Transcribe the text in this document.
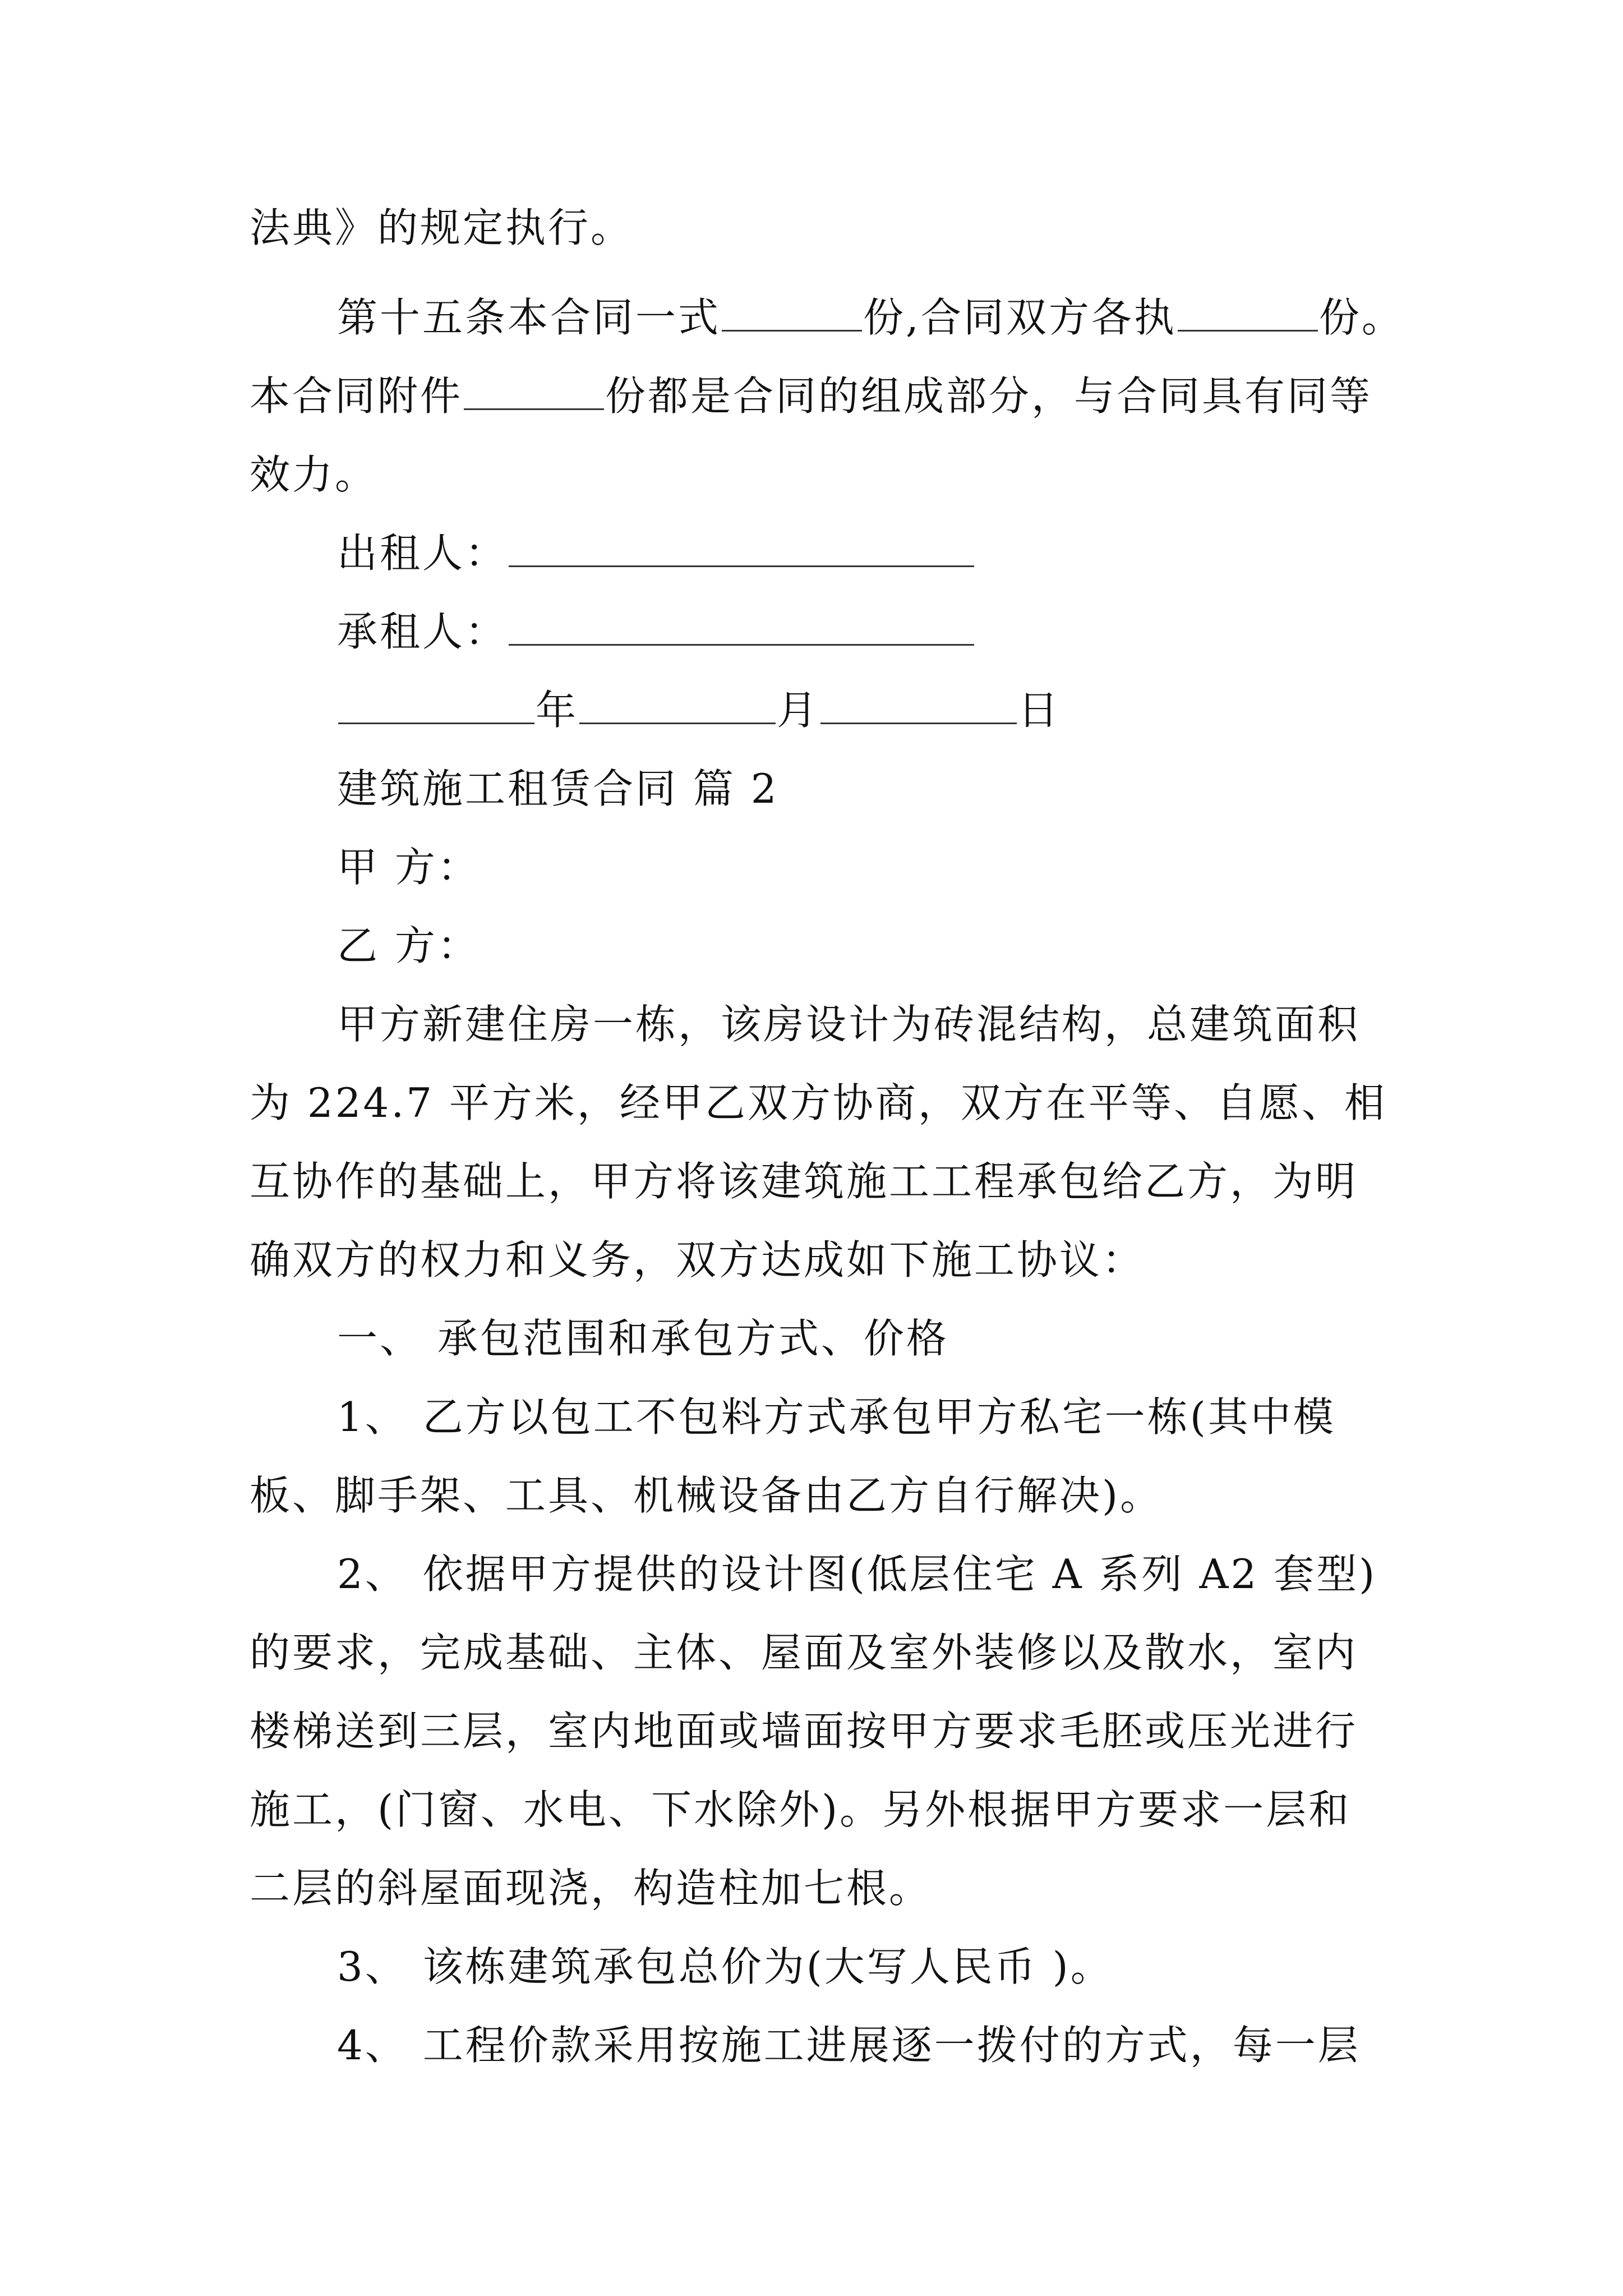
法典》的规定执行。
第十五条本合同一式	份,合同双方各执	份。
本合同附件	份都是合同的组成部分，与合同具有同等
效力。
出租人：
承租人：
年	月	日
建筑施工租赁合同 篇 2
甲 方：
乙 方：
甲方新建住房一栋，该房设计为砖混结构，总建筑面积
为 224.7 平方米，经甲乙双方协商，双方在平等、自愿、相
互协作的基础上，甲方将该建筑施工工程承包给乙方，为明
确双方的权力和义务，双方达成如下施工协议：
一、 承包范围和承包方式、价格
1、 乙方以包工不包料方式承包甲方私宅一栋(其中模
板、脚手架、工具、机械设备由乙方自行解决)。
2、 依据甲方提供的设计图(低层住宅 A 系列 A2 套型)
的要求，完成基础、主体、屋面及室外装修以及散水，室内
楼梯送到三层，室内地面或墙面按甲方要求毛胚或压光进行
施工，(门窗、水电、下水除外)。另外根据甲方要求一层和
二层的斜屋面现浇，构造柱加七根。
3、 该栋建筑承包总价为(大写人民币 )。
4、 工程价款采用按施工进展逐一拨付的方式，每一层
